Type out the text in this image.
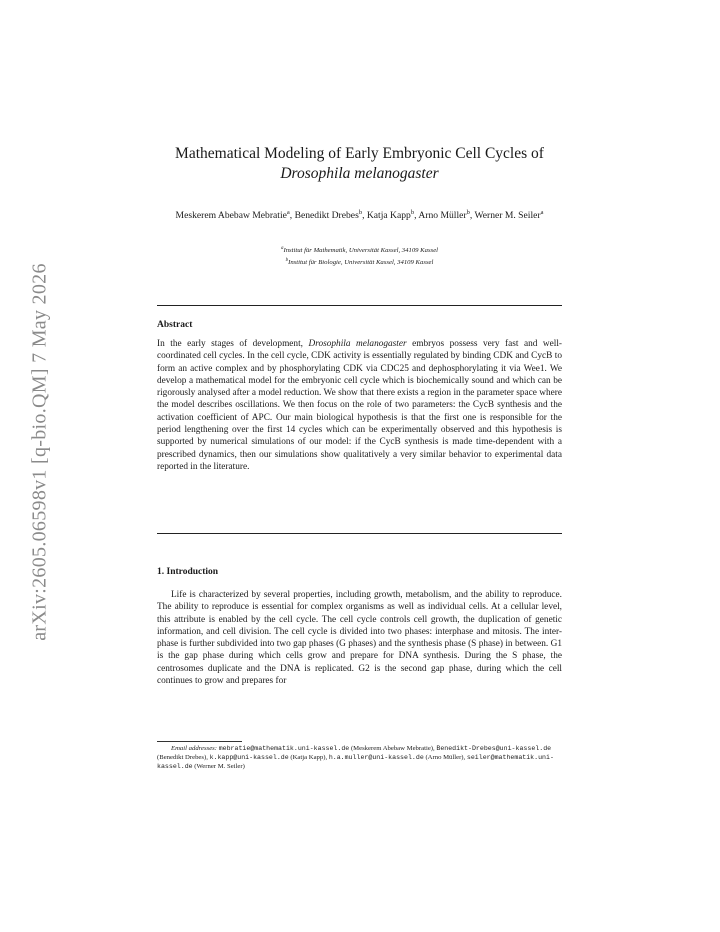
arXiv:2605.06598v1 [q-bio.QM] 7 May 2026
Mathematical Modeling of Early Embryonic Cell Cycles of
Drosophila melanogaster
Meskerem Abebaw Mebratie$^a$, Benedikt Drebes$^b$, Katja Kapp$^b$, Arno Müller$^b$, Werner M. Seiler$^a$
$^a$Institut für Mathematik, Universität Kassel, 34109 Kassel
$^b$Institut für Biologie, Universität Kassel, 34109 Kassel
Abstract
In the early stages of development, Drosophila melanogaster embryos possess very fast and well-coordinated cell cycles. In the cell cycle, CDK activity is essentially regulated by binding CDK and CycB to form an active complex and by phosphorylating CDK via CDC25 and dephosphorylating it via Wee1. We develop a mathematical model for the embryonic cell cycle which is biochemically sound and which can be rigorously analysed after a model reduction. We show that there exists a region in the parameter space where the model describes oscillations. We then focus on the role of two parameters: the CycB synthesis and the activation coefficient of APC. Our main biological hypothesis is that the first one is responsible for the period lengthening over the first 14 cycles which can be experimentally observed and this hypothesis is supported by numerical simulations of our model: if the CycB synthesis is made time-dependent with a prescribed dynamics, then our simulations show qualitatively a very similar behavior to experimental data reported in the literature.
1. Introduction
Life is characterized by several properties, including growth, metabolism, and the ability to reproduce. The ability to reproduce is essential for complex organisms as well as individual cells. At a cellular level, this attribute is enabled by the cell cycle. The cell cycle controls cell growth, the duplication of genetic information, and cell division. The cell cycle is divided into two phases: interphase and mitosis. The inter-phase is further subdivided into two gap phases (G phases) and the synthesis phase (S phase) in between. G1 is the gap phase during which cells grow and prepare for DNA synthesis. During the S phase, the centrosomes duplicate and the DNA is replicated. G2 is the second gap phase, during which the cell continues to grow and prepares for
Email addresses: mebratie@mathematik.uni-kassel.de (Meskerem Abebaw Mebratie), Benedikt-Drebes@uni-kassel.de (Benedikt Drebes), k.kapp@uni-kassel.de (Katja Kapp), h.a.muller@uni-kassel.de (Arno Müller), seiler@mathematik.uni-kassel.de (Werner M. Seiler)
